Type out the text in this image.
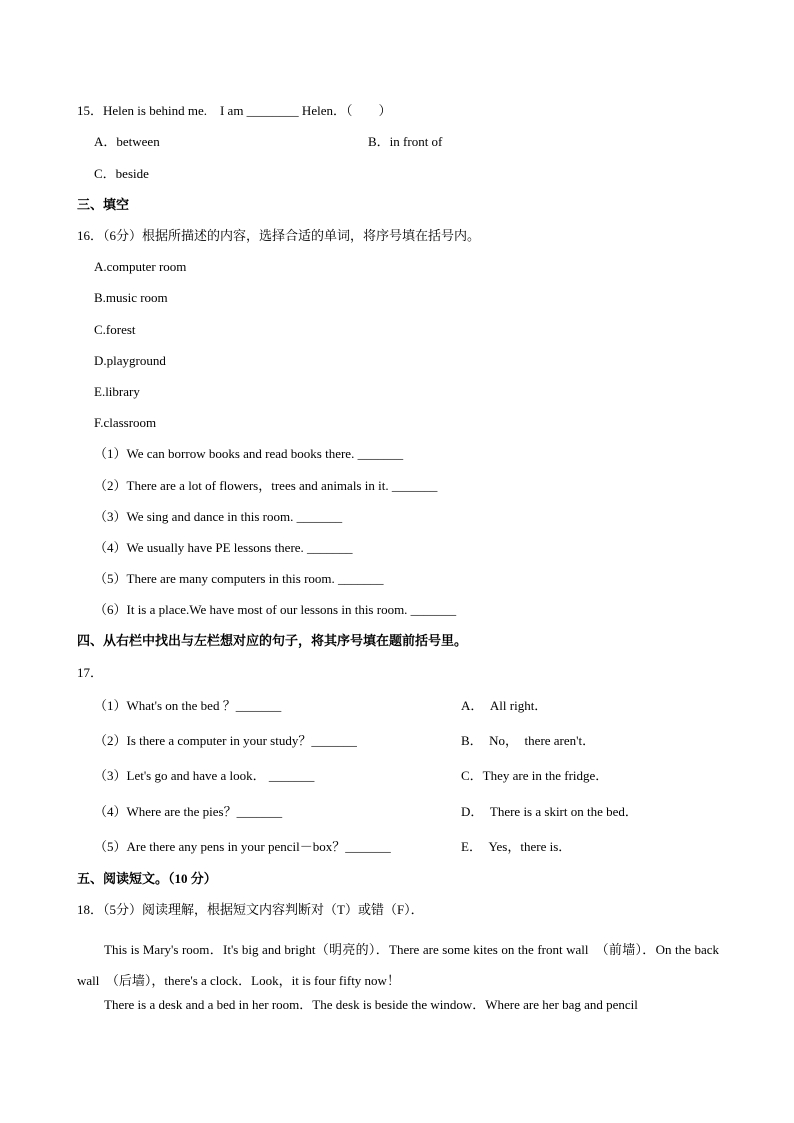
15．Helen is behind me.　I am ________ Helen．（　　）
A．between	B．in front of
C．beside
三、填空
16．（6分）根据所描述的内容，选择合适的单词，将序号填在括号内。
A.computer room
B.music room
C.forest
D.playground
E.library
F.classroom
（1）We can borrow books and read books there. _______
（2）There are a lot of flowers，trees and animals in it. _______
（3）We sing and dance in this room. _______
（4）We usually have PE lessons there. _______
（5）There are many computers in this room. _______
（6）It is a place.We have most of our lessons in this room. _______
四、从右栏中找出与左栏想对应的句子，将其序号填在题前括号里。
17．
（1）What's on the bed ？_______	A．　All right．
（2）Is there a computer in your study？_______	B．　No，　there aren't．
（3）Let's go and have a look． _______	C．They are in the fridge．
（4）Where are the pies？_______	D．　There is a skirt on the bed．
（5）Are there any pens in your pencil－box？_______	E．　Yes，there is．
五、阅读短文。（10 分）
18．（5分）阅读理解，根据短文内容判断对（T）或错（F）．
This is Mary's room．It's big and bright（明亮的）．There are some kites on the front wall　（前墙）．On the back wall　（后墙），there's a clock．Look，it is four fifty now！
There is a desk and a bed in her room．The desk is beside the window．Where are her bag and pencil
